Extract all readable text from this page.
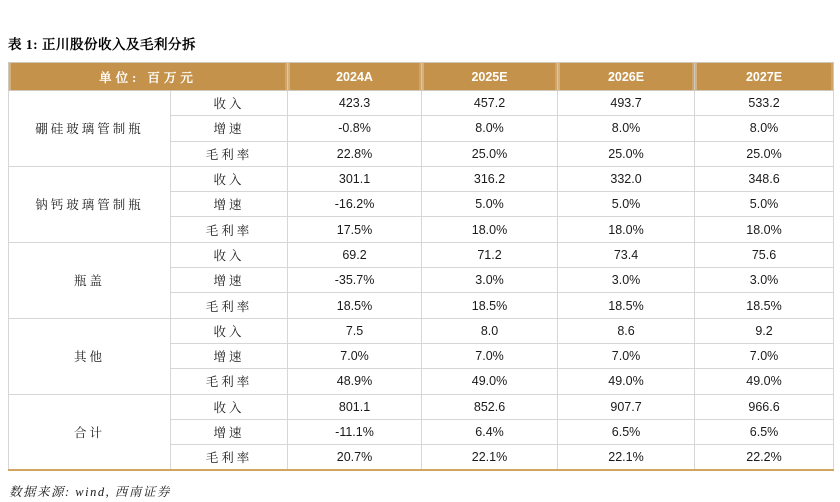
表 1: 正川股份收入及毛利分拆
单位: 百万元		2024A	2025E	2026E	2027E
硼硅玻璃管制瓶	收入	423.3	457.2	493.7	533.2
	增速	-0.8%	8.0%	8.0%	8.0%
	毛利率	22.8%	25.0%	25.0%	25.0%
钠钙玻璃管制瓶	收入	301.1	316.2	332.0	348.6
	增速	-16.2%	5.0%	5.0%	5.0%
	毛利率	17.5%	18.0%	18.0%	18.0%
瓶盖	收入	69.2	71.2	73.4	75.6
	增速	-35.7%	3.0%	3.0%	3.0%
	毛利率	18.5%	18.5%	18.5%	18.5%
其他	收入	7.5	8.0	8.6	9.2
	增速	7.0%	7.0%	7.0%	7.0%
	毛利率	48.9%	49.0%	49.0%	49.0%
合计	收入	801.1	852.6	907.7	966.6
	增速	-11.1%	6.4%	6.5%	6.5%
	毛利率	20.7%	22.1%	22.1%	22.2%
数据来源: wind, 西南证券
